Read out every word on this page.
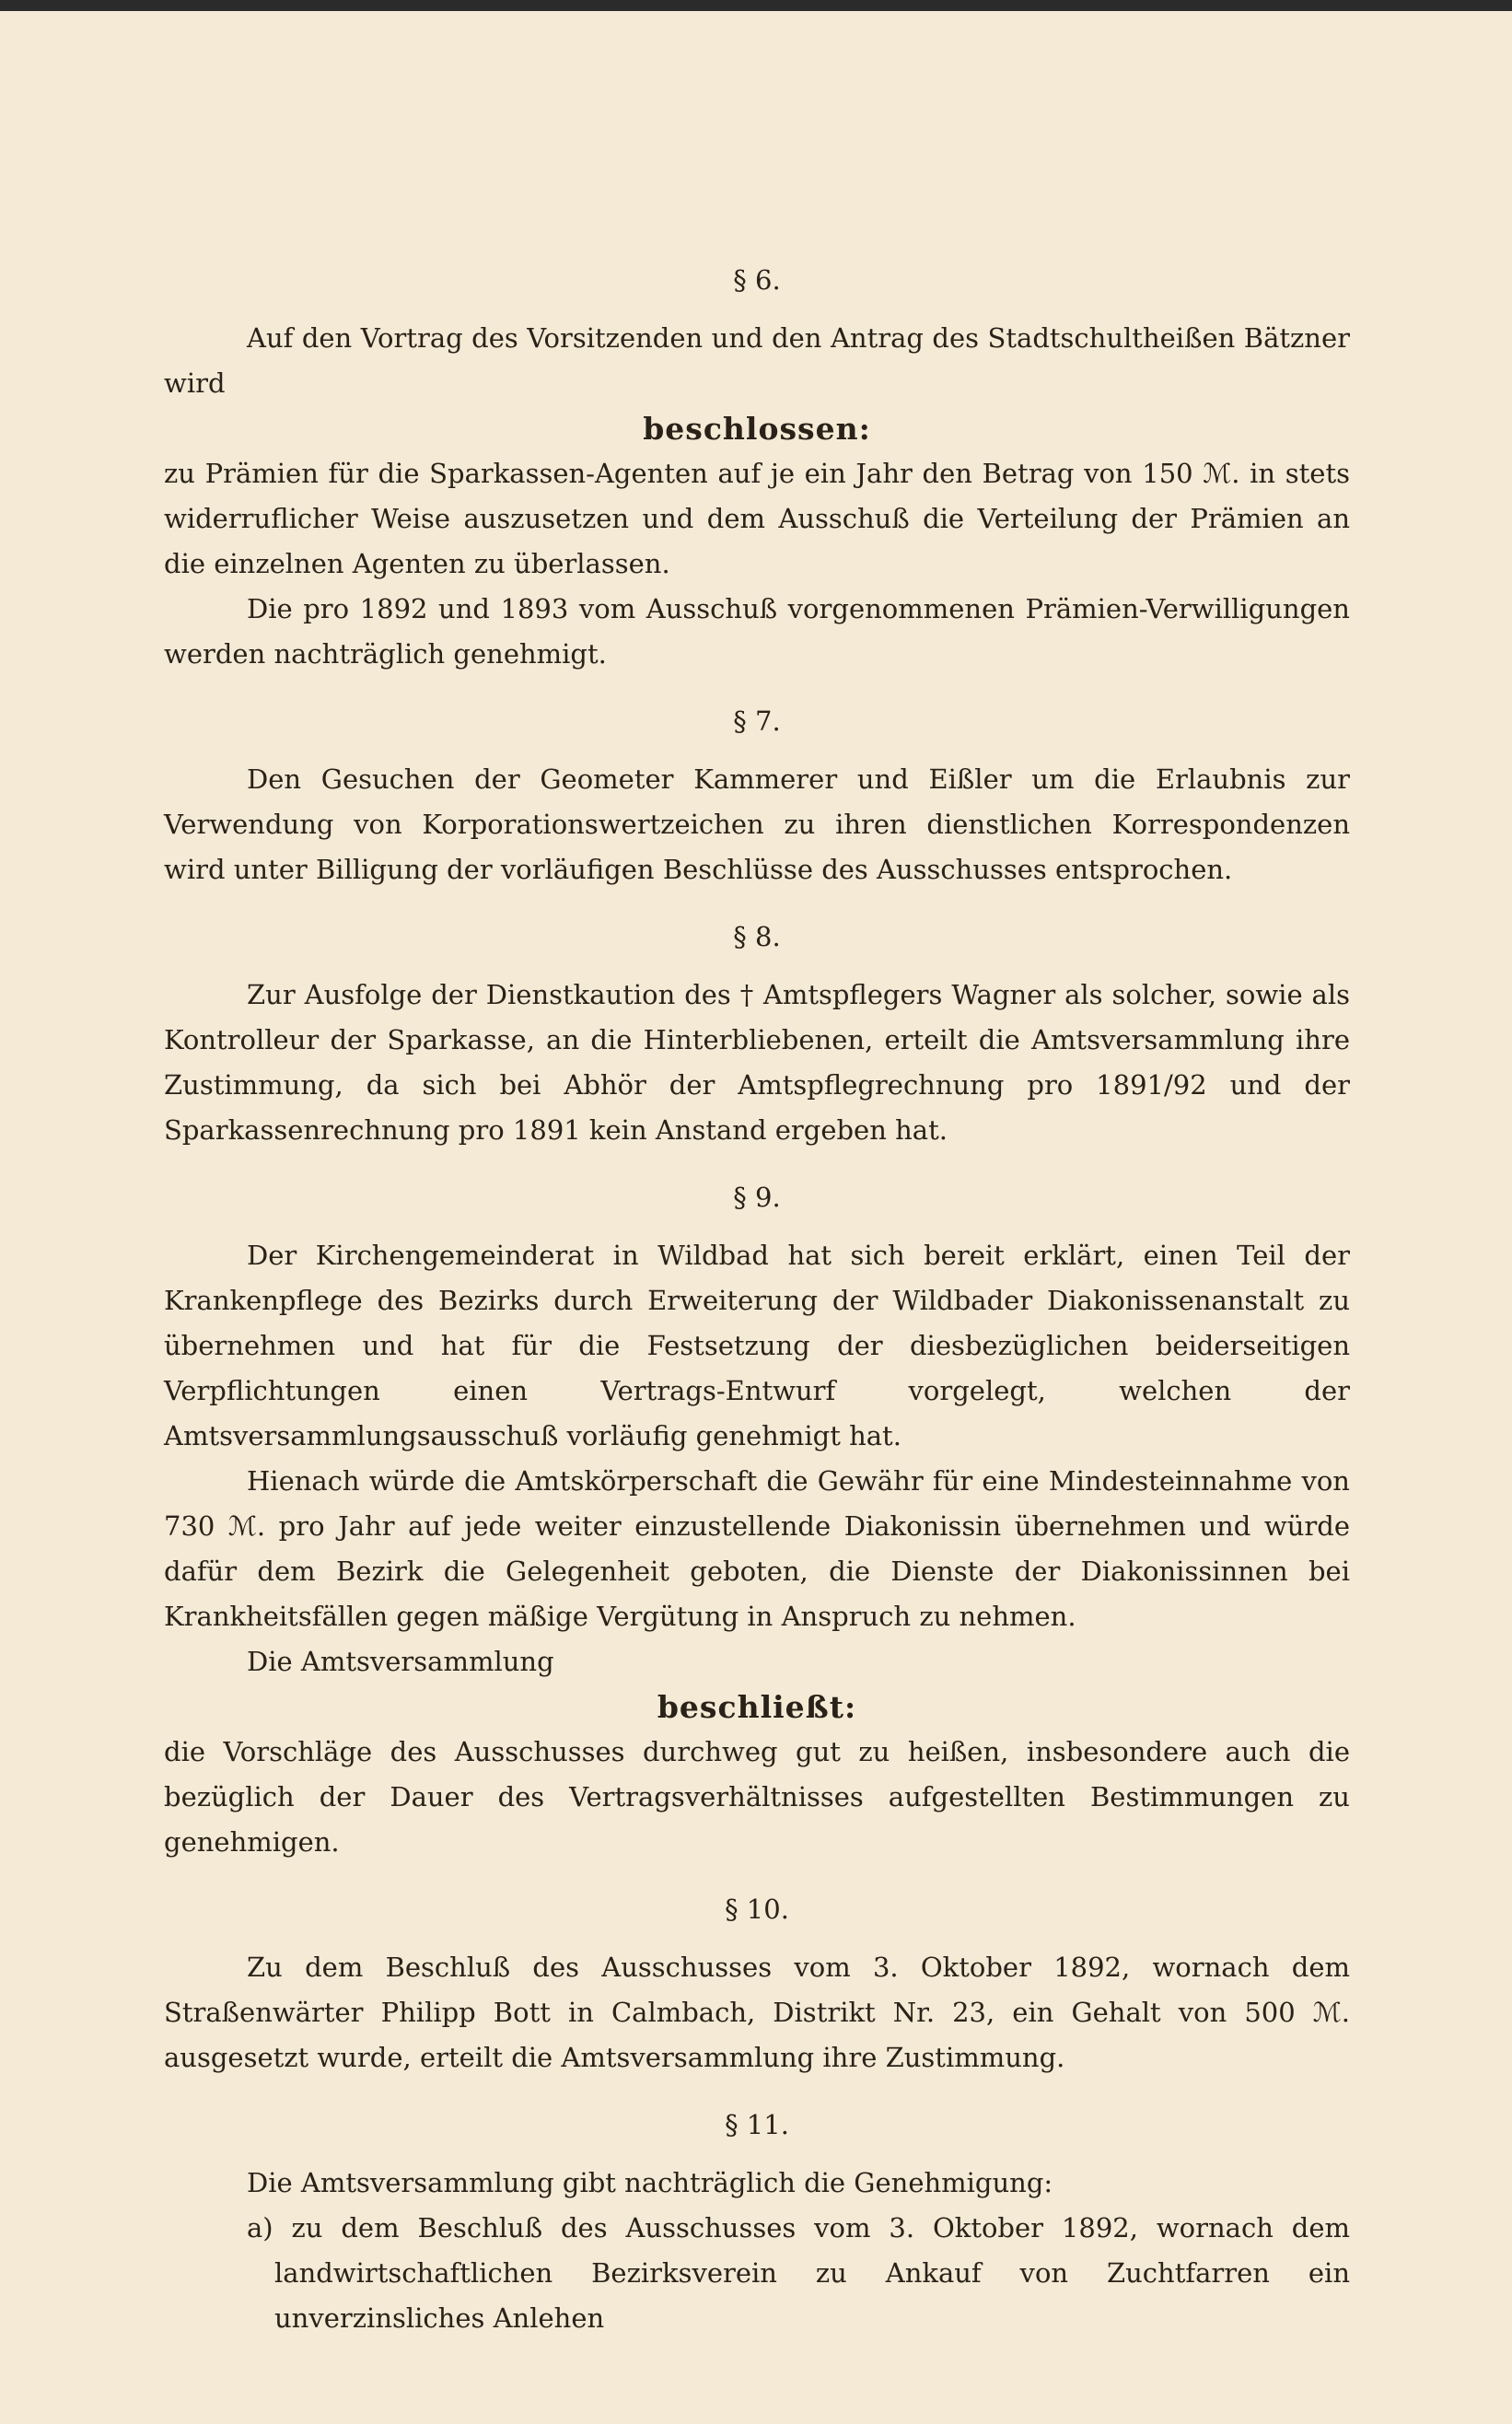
§ 6.

Auf den Vortrag des Vorsitzenden und den Antrag des Stadtschultheißen Bätzner wird

beschlossen:

zu Prämien für die Sparkassen-Agenten auf je ein Jahr den Betrag von 150 ℳ. in stets widerruflicher Weise auszusetzen und dem Ausschuß die Verteilung der Prämien an die einzelnen Agenten zu überlassen.

Die pro 1892 und 1893 vom Ausschuß vorgenommenen Prämien-Verwilligungen werden nachträglich genehmigt.

§ 7.

Den Gesuchen der Geometer Kammerer und Eißler um die Erlaubnis zur Verwendung von Korporationswertzeichen zu ihren dienstlichen Korrespondenzen wird unter Billigung der vorläufigen Beschlüsse des Ausschusses entsprochen.

§ 8.

Zur Ausfolge der Dienstkaution des † Amtspflegers Wagner als solcher, sowie als Kontrolleur der Sparkasse, an die Hinterbliebenen, erteilt die Amtsversammlung ihre Zustimmung, da sich bei Abhör der Amtspflegrechnung pro 1891/92 und der Sparkassenrechnung pro 1891 kein Anstand ergeben hat.

§ 9.

Der Kirchengemeinderat in Wildbad hat sich bereit erklärt, einen Teil der Krankenpflege des Bezirks durch Erweiterung der Wildbader Diakonissenanstalt zu übernehmen und hat für die Festsetzung der diesbezüglichen beiderseitigen Verpflichtungen einen Vertrags-Entwurf vorgelegt, welchen der Amtsversammlungsausschuß vorläufig genehmigt hat.

Hienach würde die Amtskörperschaft die Gewähr für eine Mindesteinnahme von 730 ℳ. pro Jahr auf jede weiter einzustellende Diakonissin übernehmen und würde dafür dem Bezirk die Gelegenheit geboten, die Dienste der Diakonissinnen bei Krankheitsfällen gegen mäßige Vergütung in Anspruch zu nehmen.

Die Amtsversammlung

beschließt:

die Vorschläge des Ausschusses durchweg gut zu heißen, insbesondere auch die bezüglich der Dauer des Vertragsverhältnisses aufgestellten Bestimmungen zu genehmigen.

§ 10.

Zu dem Beschluß des Ausschusses vom 3. Oktober 1892, wornach dem Straßenwärter Philipp Bott in Calmbach, Distrikt Nr. 23, ein Gehalt von 500 ℳ. ausgesetzt wurde, erteilt die Amtsversammlung ihre Zustimmung.

§ 11.

Die Amtsversammlung gibt nachträglich die Genehmigung:

a) zu dem Beschluß des Ausschusses vom 3. Oktober 1892, wornach dem landwirtschaftlichen Bezirksverein zu Ankauf von Zuchtfarren ein unverzinsliches Anlehen
